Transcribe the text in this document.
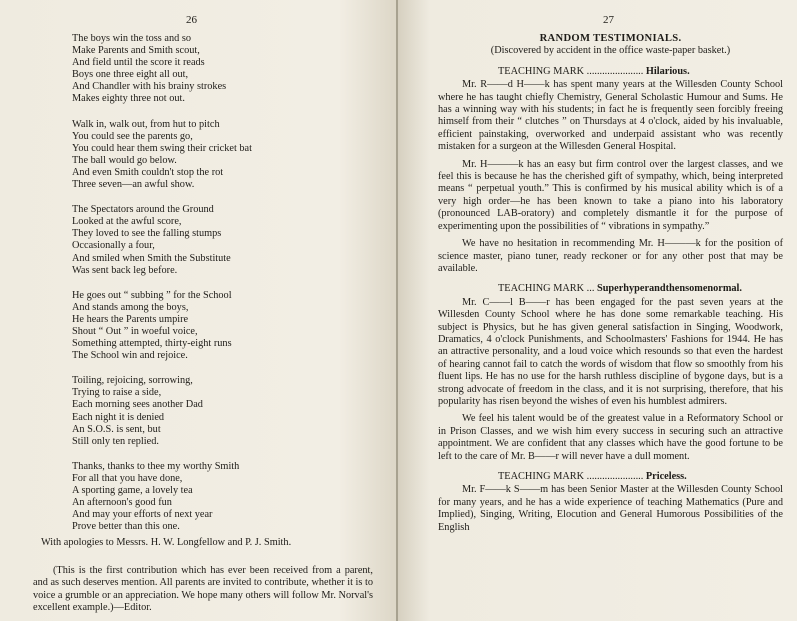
26
The boys win the toss and so
Make Parents and Smith scout,
And field until the score it reads
Boys one three eight all out,
And Chandler with his brainy strokes
Makes eighty three not out.
Walk in, walk out, from hut to pitch
You could see the parents go,
You could hear them swing their cricket bat
The ball would go below.
And even Smith couldn't stop the rot
Three seven—an awful show.
The Spectators around the Ground
Looked at the awful score,
They loved to see the falling stumps
Occasionally a four,
And smiled when Smith the Substitute
Was sent back leg before.
He goes out “ subbing ” for the School
And stands among the boys,
He hears the Parents umpire
Shout “ Out ” in woeful voice,
Something attempted, thirty-eight runs
The School win and rejoice.
Toiling, rejoicing, sorrowing,
Trying to raise a side,
Each morning sees another Dad
Each night it is denied
An S.O.S. is sent, but
Still only ten replied.
Thanks, thanks to thee my worthy Smith
For all that you have done,
A sporting game, a lovely tea
An afternoon's good fun
And may your efforts of next year
Prove better than this one.
With apologies to Messrs. H. W. Longfellow and P. J. Smith.
(This is the first contribution which has ever been received from a parent, and as such deserves mention. All parents are invited to contribute, whether it is to voice a grumble or an appreciation. We hope many others will follow Mr. Norval's excellent example.)—Editor.
27
RANDOM TESTIMONIALS.
(Discovered by accident in the office waste-paper basket.)
TEACHING MARK ...................... Hilarious.
Mr. R——d H——k has spent many years at the Willesden County School where he has taught chiefly Chemistry, General Scholastic Humour and Sums. He has a winning way with his students; in fact he is frequently seen forcibly freeing himself from their “ clutches ” on Thursdays at 4 o'clock, aided by his invaluable, efficient painstaking, overworked and underpaid assistant who was recently mistaken for a surgeon at the Willesden General Hospital.
Mr. H———k has an easy but firm control over the largest classes, and we feel this is because he has the cherished gift of sympathy, which, being interpreted means “ perpetual youth.” This is confirmed by his musical ability which is of a very high order—he has been known to take a piano into his laboratory (pronounced LAB-oratory) and completely dismantle it for the purpose of experimenting upon the possibilities of “ vibrations in sympathy.”
We have no hesitation in recommending Mr. H———k for the position of science master, piano tuner, ready reckoner or for any other post that may be available.
TEACHING MARK ... Superhyperandthensomenormal.
Mr. C——l B——r has been engaged for the past seven years at the Willesden County School where he has done some remarkable teaching. His subject is Physics, but he has given general satisfaction in Singing, Woodwork, Dramatics, 4 o'clock Punishments, and Schoolmasters' Fashions for 1944. He has an attractive personality, and a loud voice which resounds so that even the hardest of hearing cannot fail to catch the words of wisdom that flow so smoothly from his fluent lips. He has no use for the harsh ruthless discipline of bygone days, but is a strong advocate of freedom in the class, and it is not surprising, therefore, that his popularity has risen beyond the wishes of even his humblest admirers.
We feel his talent would be of the greatest value in a Reformatory School or in Prison Classes, and we wish him every success in securing such an attractive appointment. We are confident that any classes which have the good fortune to be left to the care of Mr. B——r will never have a dull moment.
TEACHING MARK ...................... Priceless.
Mr. F——k S——m has been Senior Master at the Willesden County School for many years, and he has a wide experience of teaching Mathematics (Pure and Implied), Singing, Writing, Elocution and General Humorous Possibilities of the English
